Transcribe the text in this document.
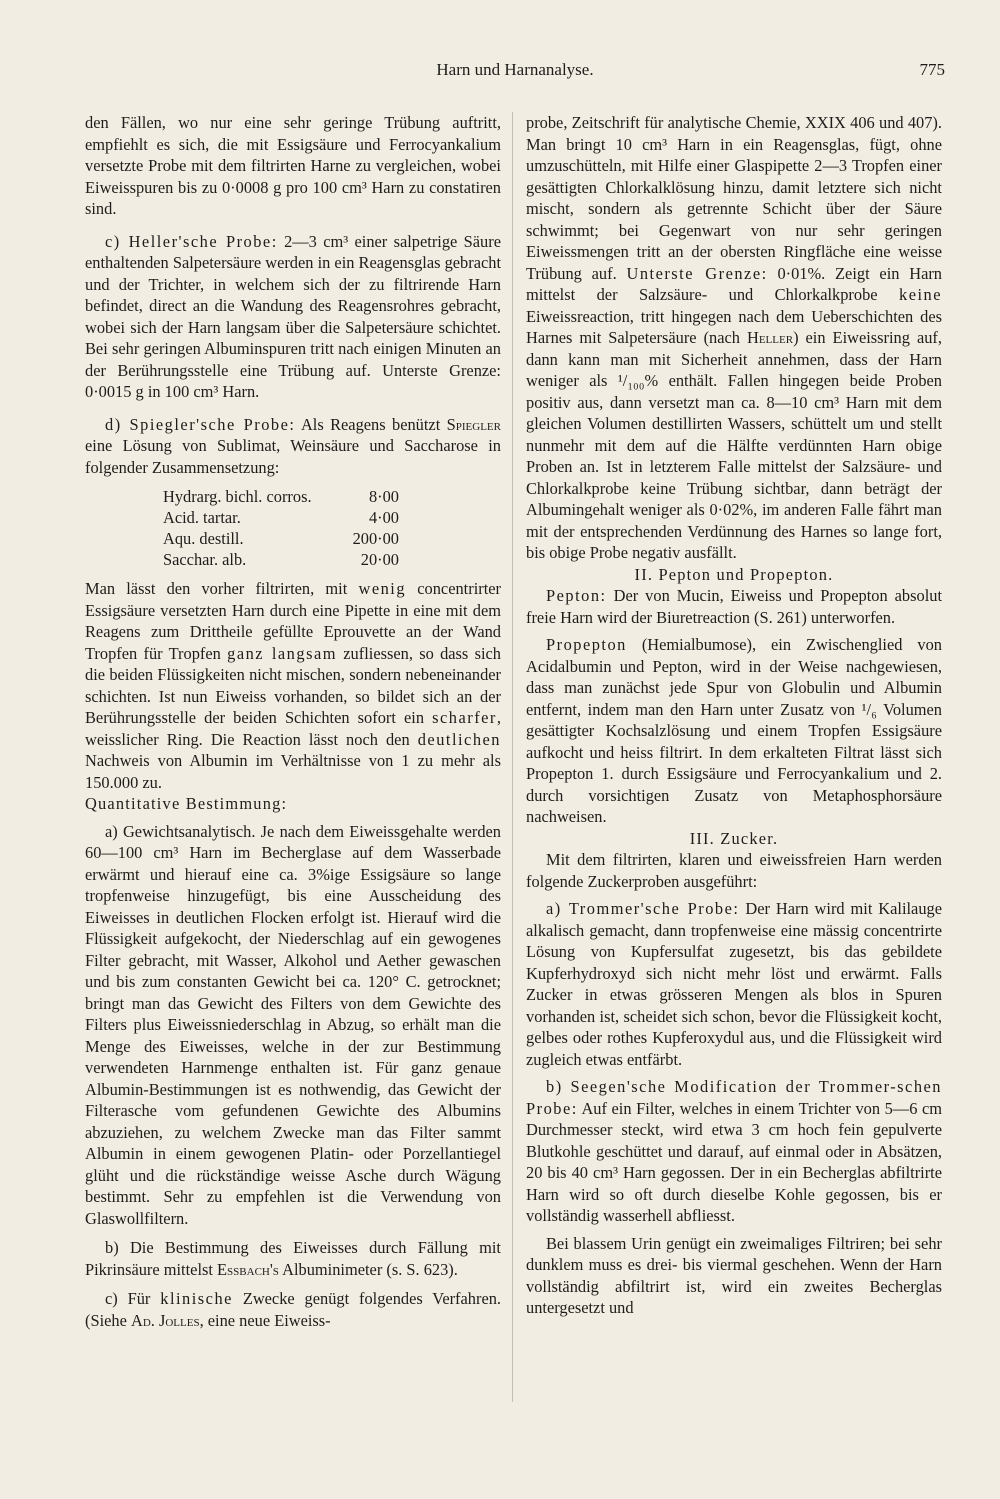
Harn und Harnanalyse.	775

den Fällen, wo nur eine sehr geringe Trübung auftritt, empfiehlt es sich, die mit Essigsäure und Ferrocyankalium versetzte Probe mit dem filtrirten Harne zu vergleichen, wobei Eiweisspuren bis zu 0·0008 g pro 100 cm³ Harn zu constatiren sind.

c) Heller'sche Probe: 2—3 cm³ einer salpetrige Säure enthaltenden Salpetersäure werden in ein Reagensglas gebracht und der Trichter, in welchem sich der zu filtrirende Harn befindet, direct an die Wandung des Reagensrohres gebracht, wobei sich der Harn langsam über die Salpetersäure schichtet. Bei sehr geringen Albuminspuren tritt nach einigen Minuten an der Berührungsstelle eine Trübung auf. Unterste Grenze: 0·0015 g in 100 cm³ Harn.

d) Spiegler'sche Probe: Als Reagens benützt Spiegler eine Lösung von Sublimat, Weinsäure und Saccharose in folgender Zusammensetzung:

Hydrarg. bichl. corros.	8·00
Acid. tartar.	4·00
Aqu. destill.	200·00
Sacchar. alb.	20·00

Man lässt den vorher filtrirten, mit wenig concentrirter Essigsäure versetzten Harn durch eine Pipette in eine mit dem Reagens zum Drittheile gefüllte Eprouvette an der Wand Tropfen für Tropfen ganz langsam zufliessen, so dass sich die beiden Flüssigkeiten nicht mischen, sondern nebeneinander schichten. Ist nun Eiweiss vorhanden, so bildet sich an der Berührungsstelle der beiden Schichten sofort ein scharfer, weisslicher Ring. Die Reaction lässt noch den deutlichen Nachweis von Albumin im Verhältnisse von 1 zu mehr als 150.000 zu.

Quantitative Bestimmung:

a) Gewichtsanalytisch. Je nach dem Eiweissgehalte werden 60—100 cm³ Harn im Becherglase auf dem Wasserbade erwärmt und hierauf eine ca. 3%ige Essigsäure so lange tropfenweise hinzugefügt, bis eine Ausscheidung des Eiweisses in deutlichen Flocken erfolgt ist. Hierauf wird die Flüssigkeit aufgekocht, der Niederschlag auf ein gewogenes Filter gebracht, mit Wasser, Alkohol und Aether gewaschen und bis zum constanten Gewicht bei ca. 120° C. getrocknet; bringt man das Gewicht des Filters von dem Gewichte des Filters plus Eiweissniederschlag in Abzug, so erhält man die Menge des Eiweisses, welche in der zur Bestimmung verwendeten Harnmenge enthalten ist. Für ganz genaue Albumin-Bestimmungen ist es nothwendig, das Gewicht der Filterasche vom gefundenen Gewichte des Albumins abzuziehen, zu welchem Zwecke man das Filter sammt Albumin in einem gewogenen Platin- oder Porzellantiegel glüht und die rückständige weisse Asche durch Wägung bestimmt. Sehr zu empfehlen ist die Verwendung von Glaswollfiltern.

b) Die Bestimmung des Eiweisses durch Fällung mit Pikrinsäure mittelst Essbach's Albuminimeter (s. S. 623).

c) Für klinische Zwecke genügt folgendes Verfahren. (Siehe Ad. Jolles, eine neue Eiweiss-

probe, Zeitschrift für analytische Chemie, XXIX 406 und 407). Man bringt 10 cm³ Harn in ein Reagensglas, fügt, ohne umzuschütteln, mit Hilfe einer Glaspipette 2—3 Tropfen einer gesättigten Chlorkalklösung hinzu, damit letztere sich nicht mischt, sondern als getrennte Schicht über der Säure schwimmt; bei Gegenwart von nur sehr geringen Eiweissmengen tritt an der obersten Ringfläche eine weisse Trübung auf. Unterste Grenze: 0·01%. Zeigt ein Harn mittelst der Salzsäure- und Chlorkalkprobe keine Eiweissreaction, tritt hingegen nach dem Ueberschichten des Harnes mit Salpetersäure (nach Heller) ein Eiweissring auf, dann kann man mit Sicherheit annehmen, dass der Harn weniger als ¹/₁₀₀% enthält. Fallen hingegen beide Proben positiv aus, dann versetzt man ca. 8—10 cm³ Harn mit dem gleichen Volumen destillirten Wassers, schüttelt um und stellt nunmehr mit dem auf die Hälfte verdünnten Harn obige Proben an. Ist in letzterem Falle mittelst der Salzsäure- und Chlorkalkprobe keine Trübung sichtbar, dann beträgt der Albumingehalt weniger als 0·02%, im anderen Falle fährt man mit der entsprechenden Verdünnung des Harnes so lange fort, bis obige Probe negativ ausfällt.

II. Pepton und Propepton.

Pepton: Der von Mucin, Eiweiss und Propepton absolut freie Harn wird der Biuretreaction (S. 261) unterworfen.

Propepton (Hemialbumose), ein Zwischenglied von Acidalbumin und Pepton, wird in der Weise nachgewiesen, dass man zunächst jede Spur von Globulin und Albumin entfernt, indem man den Harn unter Zusatz von ¹/₆ Volumen gesättigter Kochsalzlösung und einem Tropfen Essigsäure aufkocht und heiss filtrirt. In dem erkalteten Filtrat lässt sich Propepton 1. durch Essigsäure und Ferrocyankalium und 2. durch vorsichtigen Zusatz von Metaphosphorsäure nachweisen.

III. Zucker.

Mit dem filtrirten, klaren und eiweissfreien Harn werden folgende Zuckerproben ausgeführt:

a) Trommer'sche Probe: Der Harn wird mit Kalilauge alkalisch gemacht, dann tropfenweise eine mässig concentrirte Lösung von Kupfersulfat zugesetzt, bis das gebildete Kupferhydroxyd sich nicht mehr löst und erwärmt. Falls Zucker in etwas grösseren Mengen als blos in Spuren vorhanden ist, scheidet sich schon, bevor die Flüssigkeit kocht, gelbes oder rothes Kupferoxydul aus, und die Flüssigkeit wird zugleich etwas entfärbt.

b) Seegen'sche Modification der Trommer-schen Probe: Auf ein Filter, welches in einem Trichter von 5—6 cm Durchmesser steckt, wird etwa 3 cm hoch fein gepulverte Blutkohle geschüttet und darauf, auf einmal oder in Absätzen, 20 bis 40 cm³ Harn gegossen. Der in ein Becherglas abfiltrirte Harn wird so oft durch dieselbe Kohle gegossen, bis er vollständig wasserhell abfliesst.

Bei blassem Urin genügt ein zweimaliges Filtriren; bei sehr dunklem muss es drei- bis viermal geschehen. Wenn der Harn vollständig abfiltrirt ist, wird ein zweites Becherglas untergesetzt und
